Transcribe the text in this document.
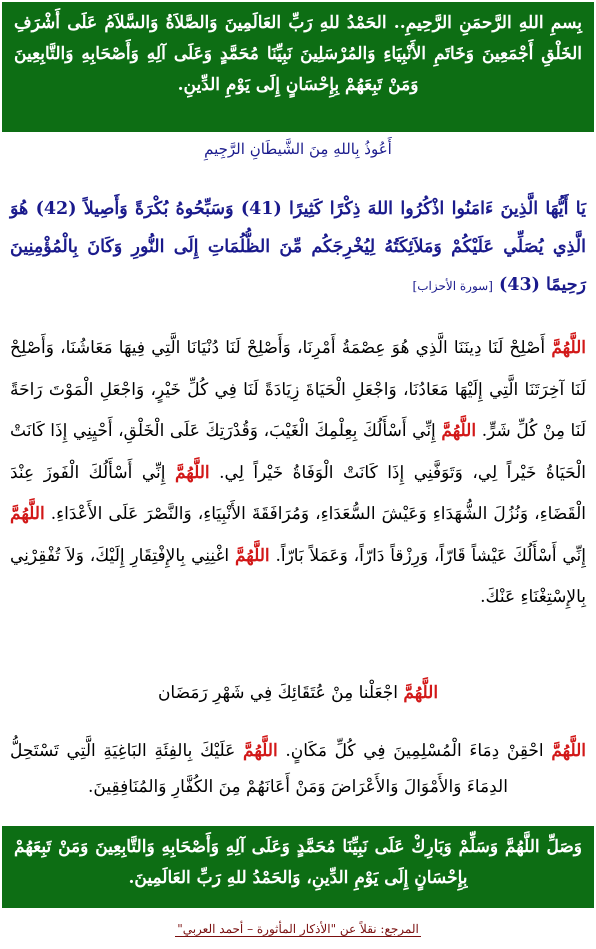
بِسمِ اللهِ الرَّحمَنِ الرَّحِيمِ.. الحَمْدُ للهِ رَبِّ العَالَمِينَ وَالصَّلاَةُ وَالسَّلاَمُ عَلَى أَشْرَفِ الخَلْقِ أَجْمَعِينَ وَخَاتَمِ الأَنْبِيَاءِ وَالمُرْسَلِينَ نَبِيِّنَا مُحَمَّدٍ وَعَلَى آلِهِ وَأَصْحَابِهِ وَالتَّابِعِينَ وَمَنْ تَبِعَهُمْ بِإِحْسَانٍ إِلَى يَوْمِ الدِّينِ.
أَعُوذُ بِاللهِ مِنَ الشَّيطَانِ الرَّجِيمِ
يَا أَيُّهَا الَّذِينَ ءَامَنُوا اذْكُرُوا اللهَ ذِكْرًا كَثِيرًا (41) وَسَبِّحُوهُ بُكْرَةً وَأَصِيلاً (42) هُوَ الَّذِي يُصَلِّي عَلَيْكُمْ وَمَلاَئِكَتُهُ لِيُخْرِجَكُم مِّنَ الظُّلُمَاتِ إِلَى النُّورِ وَكَانَ بِالْمُؤْمِنِينَ رَحِيمًا (43) [سورة الأحزاب]
اللَّهُمَّ أَصْلِحْ لَنَا دِينَنَا الَّذِي هُوَ عِصْمَةُ أَمْرِنَا، وَأَصْلِحْ لَنَا دُنْيَانَا الَّتِي فِيهَا مَعَاشُنَا، وَأَصْلِحْ لَنَا آخِرَتَنَا الَّتِي إِلَيْهَا مَعَادُنَا، وَاجْعَلِ الْحَيَاةَ زِيَادَةً لَنَا فِي كُلِّ خَيْرٍ، وَاجْعَلِ الْمَوْتَ رَاحَةً لَنَا مِنْ كُلِّ شَرٍّ. اللَّهُمَّ إِنِّي أَسْأَلُكَ بِعِلْمِكَ الْغَيْبَ، وَقُدْرَتِكَ عَلَى الْخَلْقِ، أَحْيِنِي إِذَا كَانَتْ الْحَيَاةُ خَيْراً لِي، وَتَوَفَّنِي إِذَا كَانَتْ الْوَفَاةُ خَيْراً لِي. اللَّهُمَّ إِنِّي أَسْأَلُكَ الْفَوزَ عِنْدَ الْقَضَاءِ، وَنُزُلَ الشُّهَدَاءِ وَعَيْشَ السُّعَدَاءِ، وَمُرَافَقَةَ الأَنْبِيَاءِ، وَالنَّصْرَ عَلَى الأَعْدَاءِ. اللَّهُمَّ إِنِّي أَسْأَلُكَ عَيْشاً قَارّاً، وَرِزْقاً دَارّاً، وَعَمَلاً بَارّاً. اللَّهُمَّ اغْنِنِي بِالإِفْتِقَارِ إِلَيْكَ، وَلاَ تُفْقِرْنِي بِالإِسْتِغْنَاءِ عَنْكَ.
اللَّهُمَّ اجْعَلْنا مِنْ عُتَقَائِكَ فِي شَهْرِ رَمَضَان
اللَّهُمَّ احْقِنْ دِمَاءَ الْمُسْلِمِينَ فِي كُلِّ مَكَانٍ. اللَّهُمَّ عَلَيْكَ بِالفِئَةِ البَاغِيَةِ الَّتِي تَسْتَحِلُّ الدِمَاءَ وَالأَمْوَالَ وَالأَعْرَاضَ وَمَنْ أَعَانَهُمْ مِنَ الكُفَّارِ وَالمُنَافِقِينَ.
وَصَلِّ اللَّهُمَّ وَسَلِّمْ وَبَارِكْ عَلَى نَبِيِّنَا مُحَمَّدٍ وَعَلَى آلِهِ وَأَصْحَابِهِ وَالتَّابِعِينَ وَمَنْ تَبِعَهُمْ بِإِحْسَانٍ إِلَى يَوْمِ الدِّينِ، وَالحَمْدُ للهِ رَبِّ العَالَمِينَ.
المرجع: نقلاً عن "الأذكار المأثورة – أحمد العربي"
